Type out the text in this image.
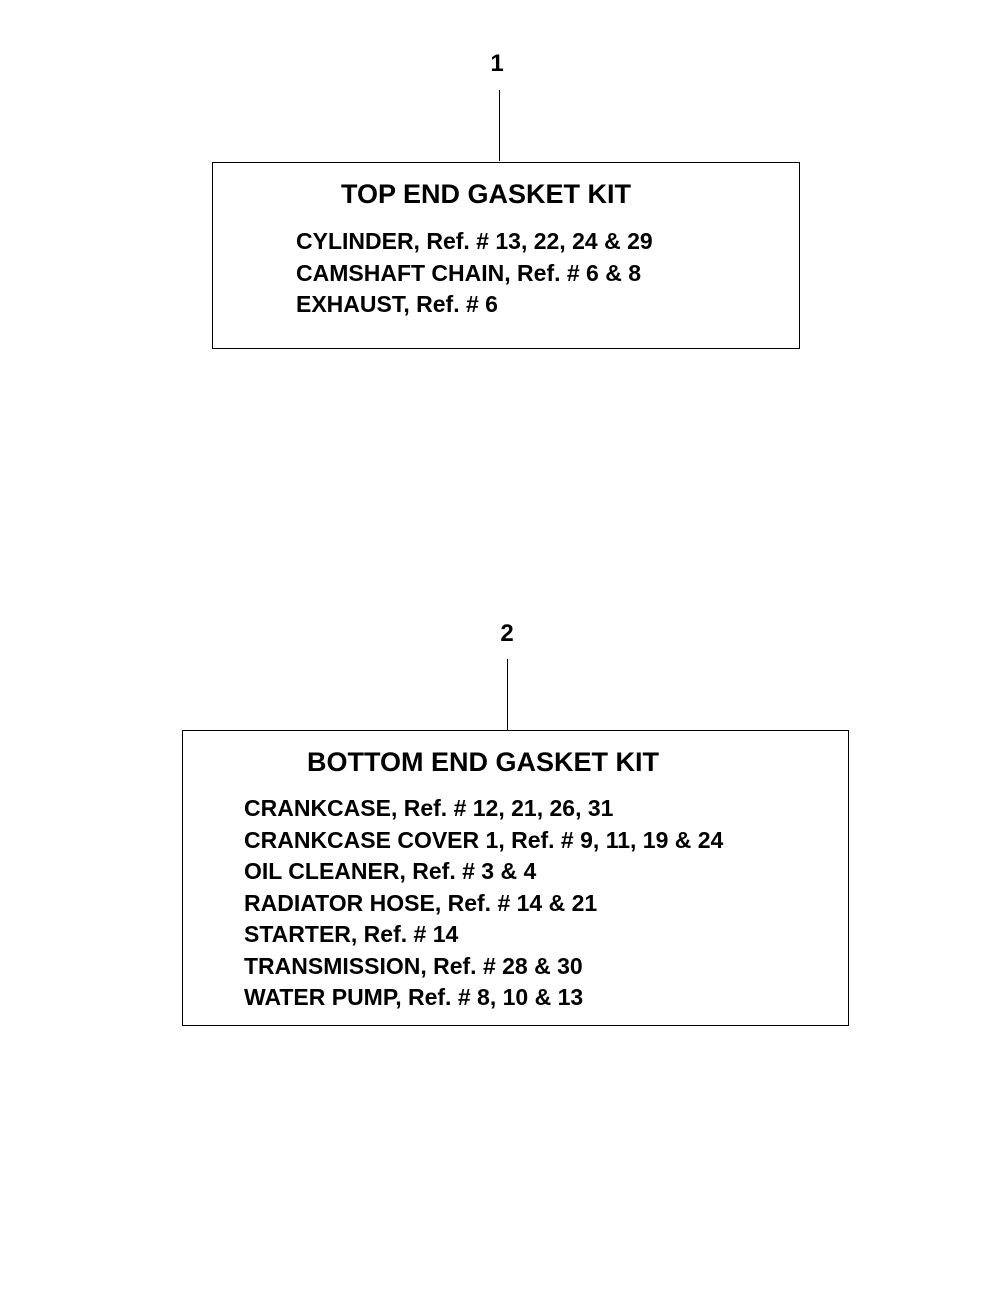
1
TOP END GASKET KIT
CYLINDER, Ref. # 13, 22, 24 & 29
CAMSHAFT CHAIN, Ref. # 6 & 8
EXHAUST, Ref. # 6
2
BOTTOM END GASKET KIT
CRANKCASE, Ref. # 12, 21, 26, 31
CRANKCASE COVER 1, Ref. # 9, 11, 19 & 24
OIL CLEANER, Ref. # 3 & 4
RADIATOR HOSE, Ref. # 14 & 21
STARTER, Ref. # 14
TRANSMISSION, Ref. # 28 & 30
WATER PUMP, Ref. # 8, 10 & 13
